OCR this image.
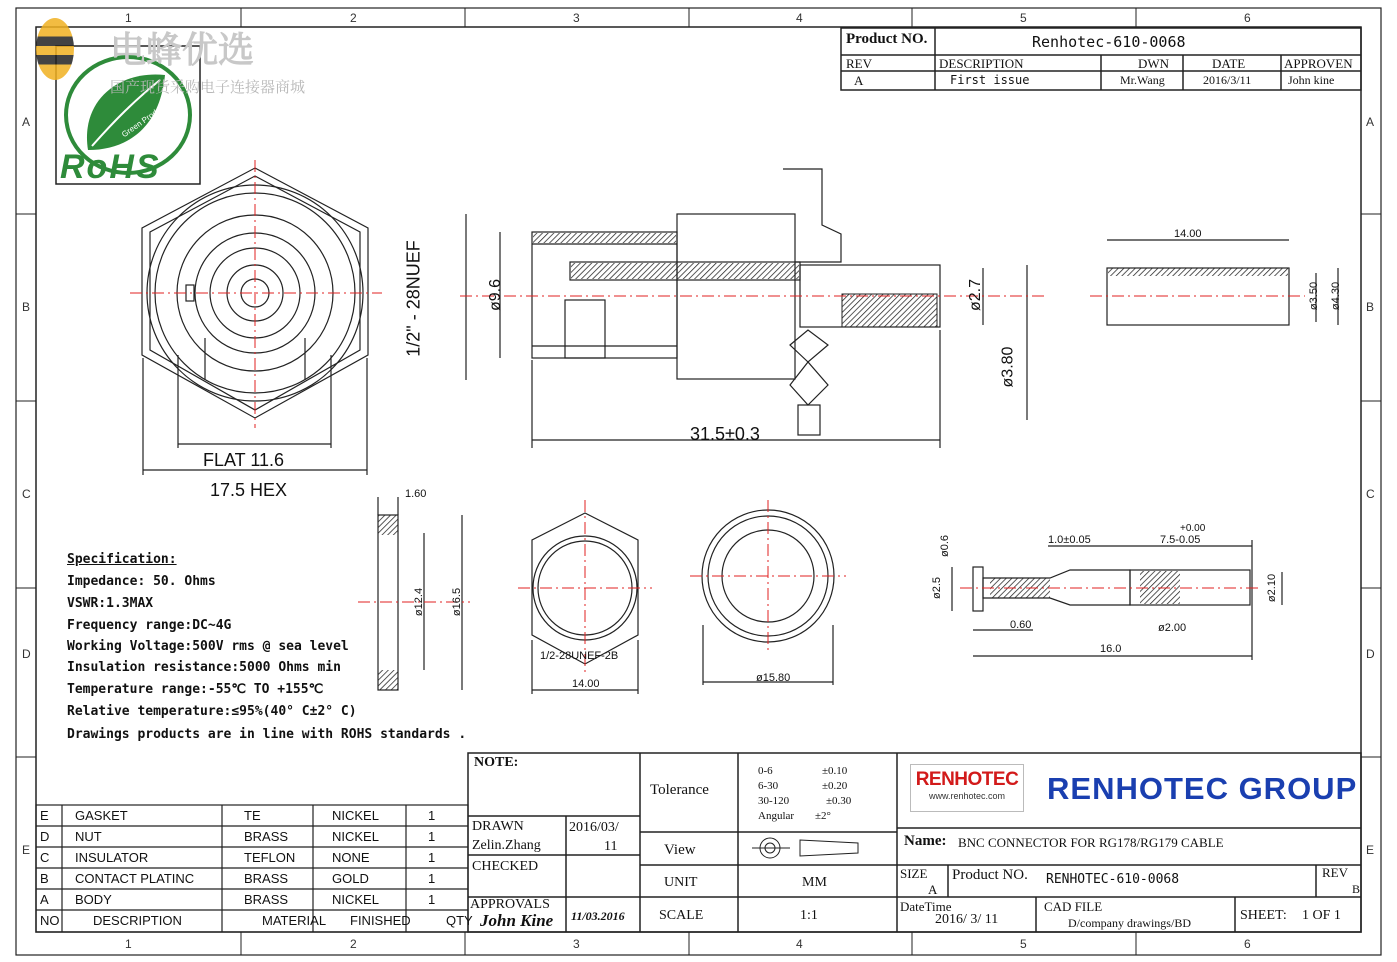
电蜂优选
国产现货采购电子连接器商城
RoHS
Green Product
1	2	3	4	5	6
1	2	3	4	5	6
A
B
C
D
E
A
B
C
D
E
Product NO.	Renhotec-610-0068
REV	DESCRIPTION	DWN	DATE	APPROVEN
A	First issue	Mr.Wang	2016/3/11	John kine
FLAT 11.6
17.5 HEX
1/2" - 28NUEF	ø9.6	ø2.7
ø3.80
31.5±0.3
14.00
ø3.50 ø4.30
1.60
ø12.4 ø16.5
1/2-28UNEF-2B
14.00	ø15.80
1.0±0.05	7.5-0.05
+0.00
ø0.6
ø2.5
0.60	ø2.00
ø2.10
16.0
Specification:
Impedance: 50. Ohms
VSWR:1.3MAX
Frequency range:DC~4G
Working Voltage:500V rms @ sea level
Insulation resistance:5000 Ohms min
Temperature range:-55℃ TO +155℃
Relative temperature:≤95%(40° C±2° C)
Drawings products are in line with ROHS standards .
E GASKET	TE	NICKEL	1
D NUT	BRASS	NICKEL	1
C INSULATOR	TEFLON	NONE	1
B CONTACT PLATINC	BRASS	GOLD	1
A BODY	BRASS	NICKEL	1
NO	DESCRIPTION	MATERIAL FINISHED	QTY
NOTE:
DRAWN
Zelin.Zhang
2016/03/
11
CHECKED
APPROVALS
John Kine 11/03.2016
Tolerance
0-6	±0.10
6-30	±0.20
30-120	±0.30
Angular ±2°
View
UNIT	MM
SCALE	1:1
RENHOTEC
www.renhotec.com	RENHOTEC GROUP
Name: BNC CONNECTOR FOR RG178/RG179 CABLE
SIZE
A
Product NO. RENHOTEC-610-0068	REV
B
DateTime
2016/ 3/ 11
CAD FILE
D/company drawings/BD	SHEET: 1 OF 1
